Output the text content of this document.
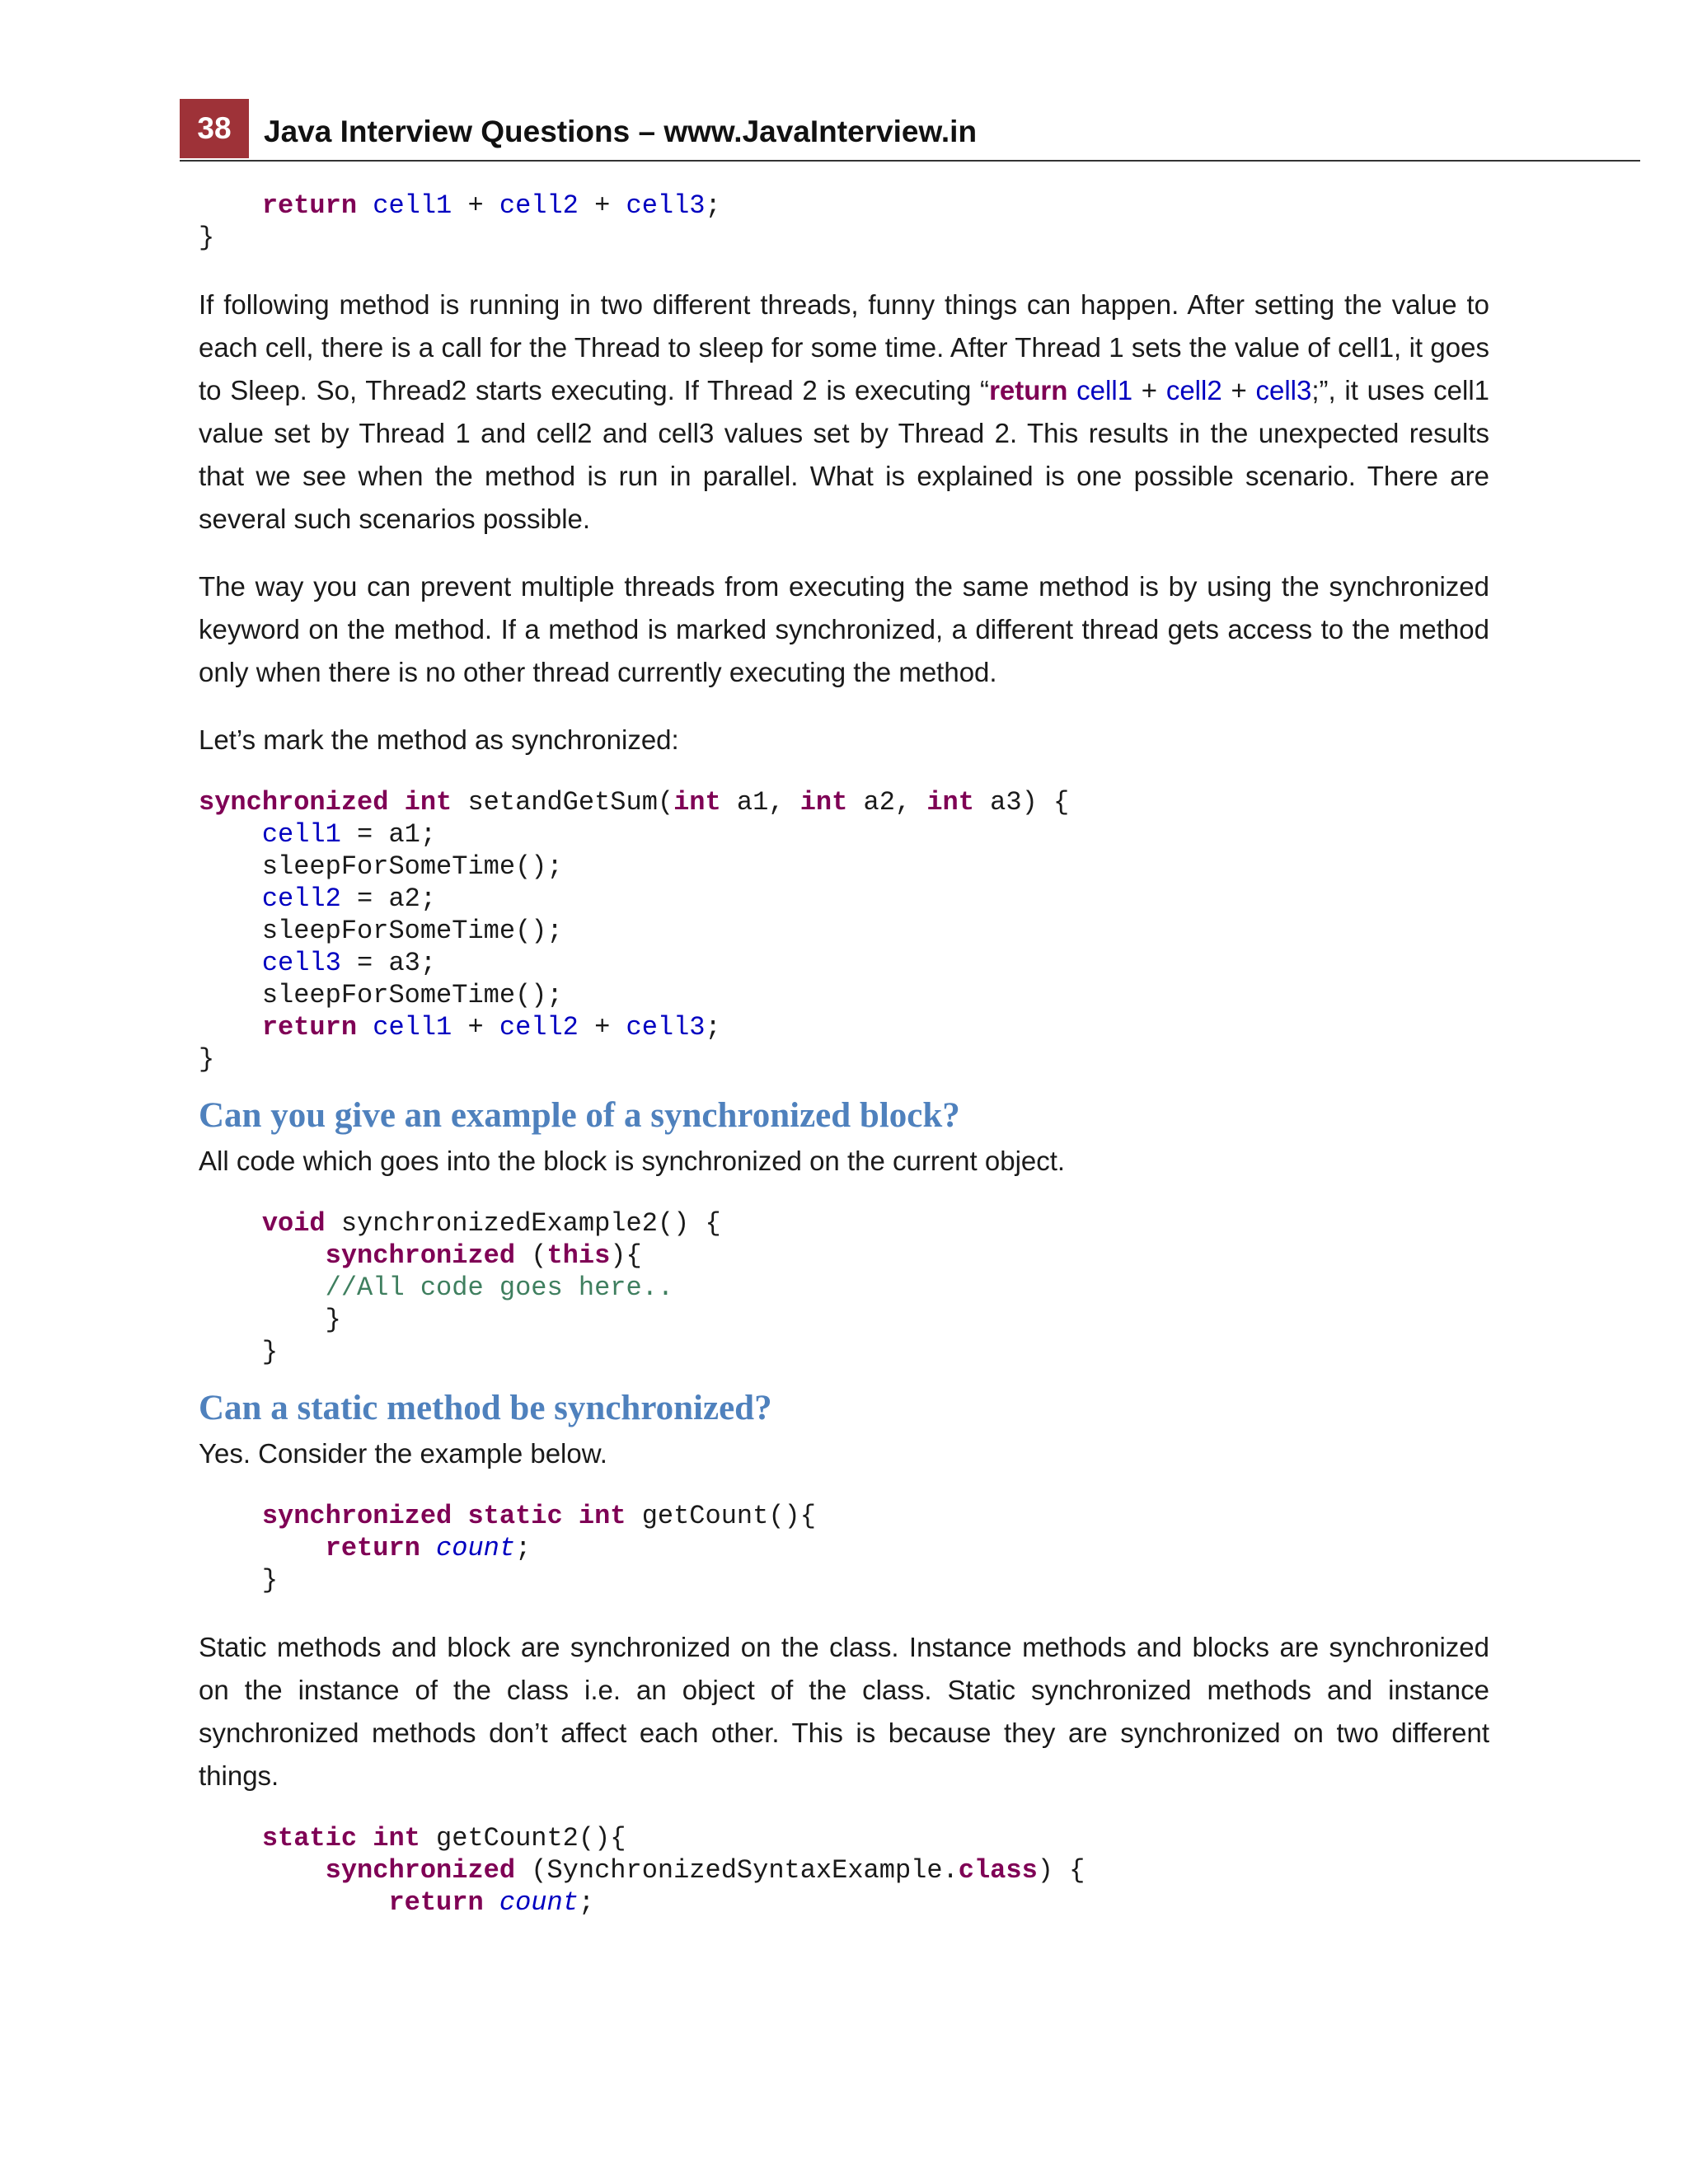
38	Java Interview Questions – www.JavaInterview.in
return cell1 + cell2 + cell3;
}

If following method is running in two different threads, funny things can happen. After setting the value to each cell, there is a call for the Thread to sleep for some time. After Thread 1 sets the value of cell1, it goes to Sleep. So, Thread2 starts executing. If Thread 2 is executing “return cell1 + cell2 + cell3;”, it uses cell1 value set by Thread 1 and cell2 and cell3 values set by Thread 2. This results in the unexpected results that we see when the method is run in parallel. What is explained is one possible scenario. There are several such scenarios possible.

The way you can prevent multiple threads from executing the same method is by using the synchronized keyword on the method. If a method is marked synchronized, a different thread gets access to the method only when there is no other thread currently executing the method.

Let’s mark the method as synchronized:

synchronized int setandGetSum(int a1, int a2, int a3) {
cell1 = a1;
sleepForSomeTime();
cell2 = a2;
sleepForSomeTime();
cell3 = a3;
sleepForSomeTime();
return cell1 + cell2 + cell3;
}
Can you give an example of a synchronized block?

All code which goes into the block is synchronized on the current object.

void synchronizedExample2() {
synchronized (this){
//All code goes here..
}
}
Can a static method be synchronized?

Yes. Consider the example below.

synchronized static int getCount(){
return count;
}

Static methods and block are synchronized on the class. Instance methods and blocks are synchronized on the instance of the class i.e. an object of the class. Static synchronized methods and instance synchronized methods don’t affect each other. This is because they are synchronized on two different things.

static int getCount2(){
synchronized (SynchronizedSyntaxExample.class) {
return count;
